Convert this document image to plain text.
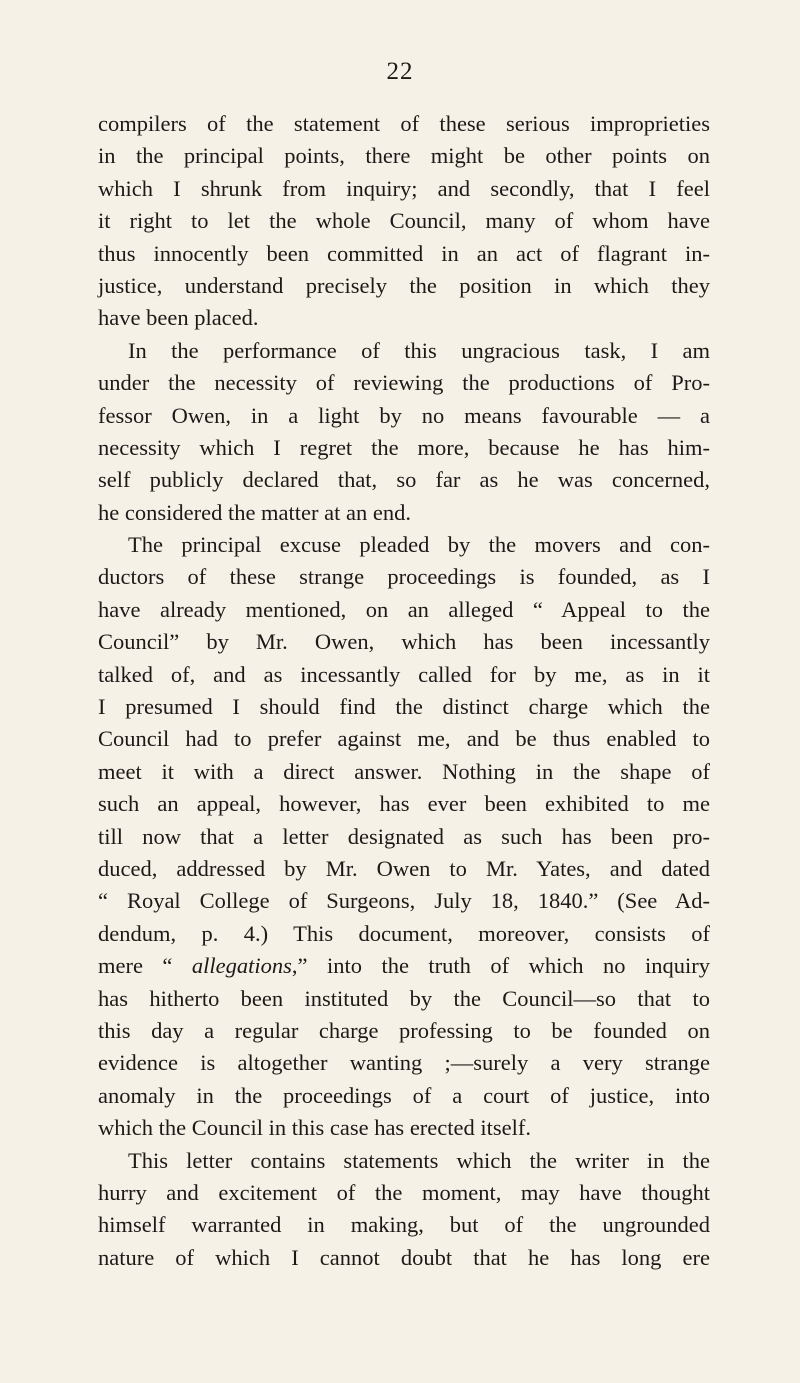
22
compilers of the statement of these serious improprieties
in the principal points, there might be other points on
which I shrunk from inquiry; and secondly, that I feel
it right to let the whole Council, many of whom have
thus innocently been committed in an act of flagrant in-
justice, understand precisely the position in which they
have been placed.
In the performance of this ungracious task, I am
under the necessity of reviewing the productions of Pro-
fessor Owen, in a light by no means favourable — a
necessity which I regret the more, because he has him-
self publicly declared that, so far as he was concerned,
he considered the matter at an end.
The principal excuse pleaded by the movers and con-
ductors of these strange proceedings is founded, as I
have already mentioned, on an alleged “ Appeal to the
Council” by Mr. Owen, which has been incessantly
talked of, and as incessantly called for by me, as in it
I presumed I should find the distinct charge which the
Council had to prefer against me, and be thus enabled to
meet it with a direct answer. Nothing in the shape of
such an appeal, however, has ever been exhibited to me
till now that a letter designated as such has been pro-
duced, addressed by Mr. Owen to Mr. Yates, and dated
“ Royal College of Surgeons, July 18, 1840.” (See Ad-
dendum, p. 4.) This document, moreover, consists of
mere “ allegations,” into the truth of which no inquiry
has hitherto been instituted by the Council—so that to
this day a regular charge professing to be founded on
evidence is altogether wanting ;—surely a very strange
anomaly in the proceedings of a court of justice, into
which the Council in this case has erected itself.
This letter contains statements which the writer in the
hurry and excitement of the moment, may have thought
himself warranted in making, but of the ungrounded
nature of which I cannot doubt that he has long ere
